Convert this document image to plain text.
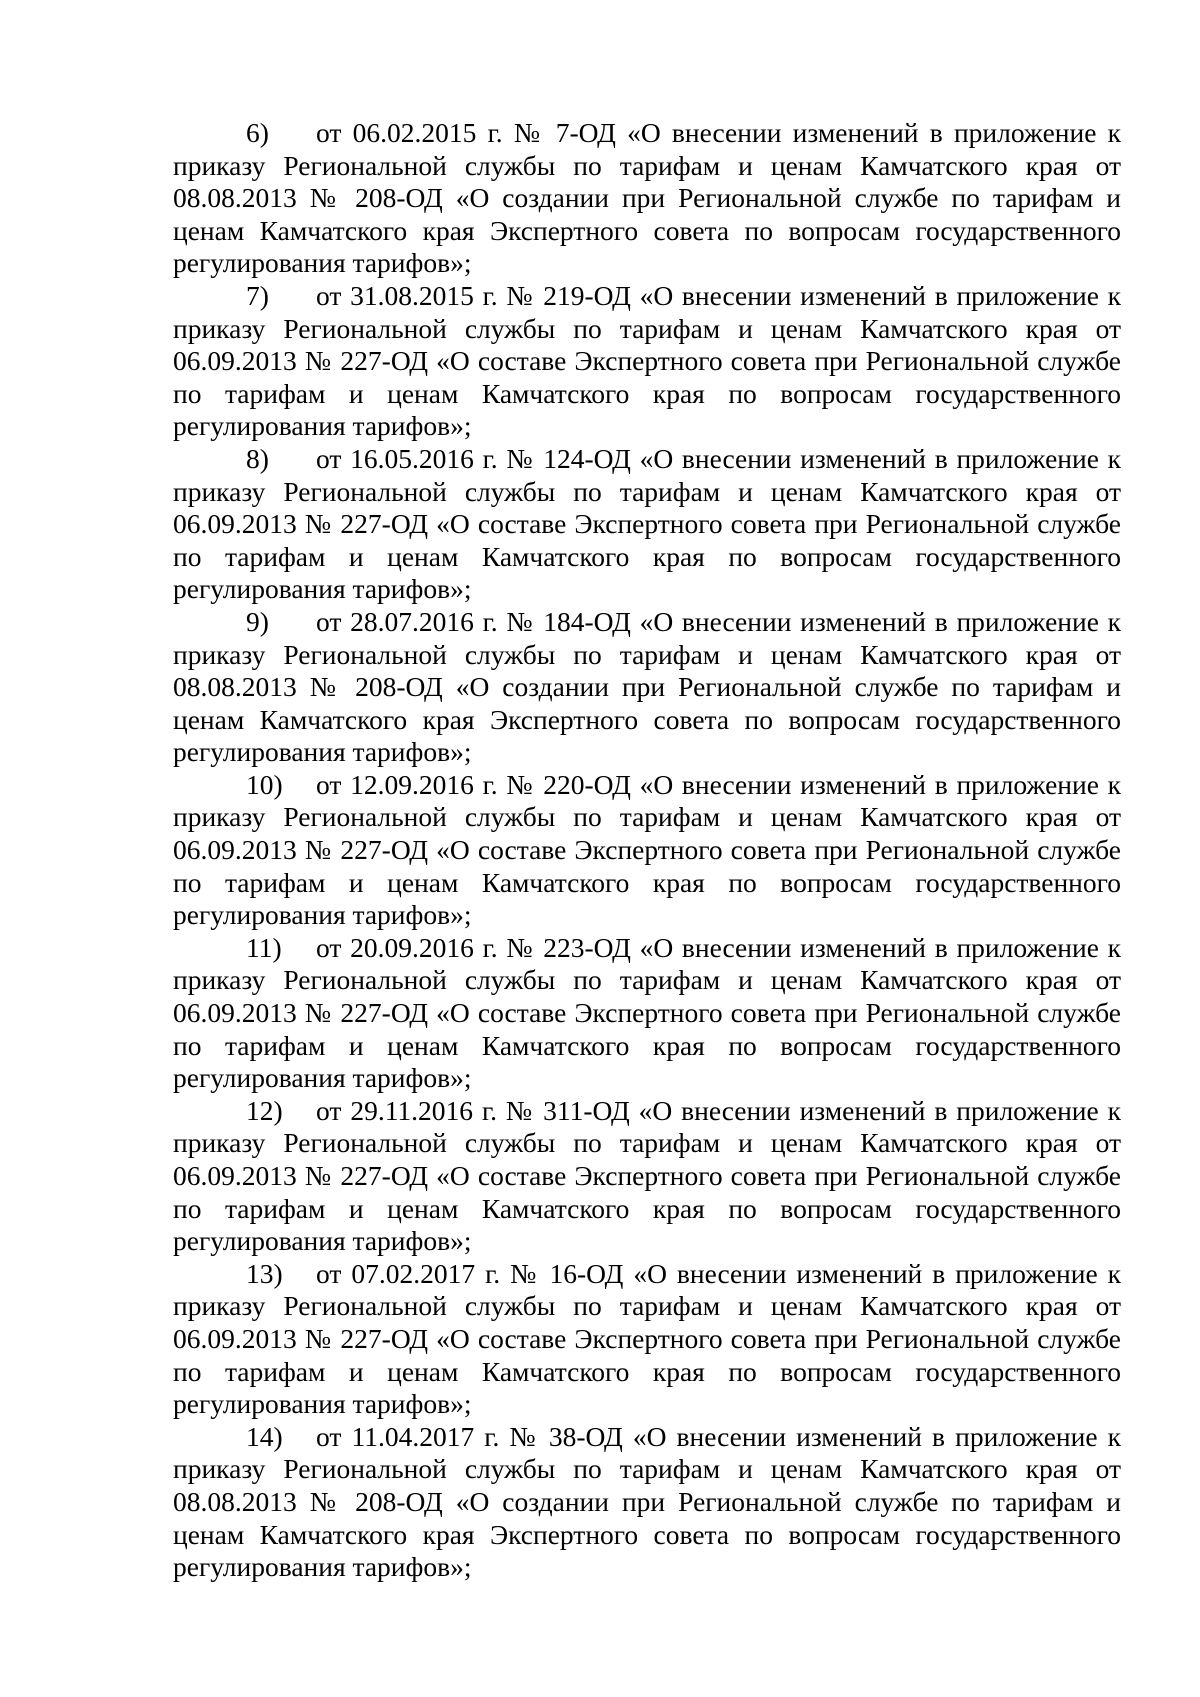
6) от 06.02.2015 г. № 7-ОД «О внесении изменений в приложение к приказу Региональной службы по тарифам и ценам Камчатского края от 08.08.2013 № 208-ОД «О создании при Региональной службе по тарифам и ценам Камчатского края Экспертного совета по вопросам государственного регулирования тарифов»;

7) от 31.08.2015 г. № 219-ОД «О внесении изменений в приложение к приказу Региональной службы по тарифам и ценам Камчатского края от 06.09.2013 № 227-ОД «О составе Экспертного совета при Региональной службе по тарифам и ценам Камчатского края по вопросам государственного регулирования тарифов»;

8) от 16.05.2016 г. № 124-ОД «О внесении изменений в приложение к приказу Региональной службы по тарифам и ценам Камчатского края от 06.09.2013 № 227-ОД «О составе Экспертного совета при Региональной службе по тарифам и ценам Камчатского края по вопросам государственного регулирования тарифов»;

9) от 28.07.2016 г. № 184-ОД «О внесении изменений в приложение к приказу Региональной службы по тарифам и ценам Камчатского края от 08.08.2013 № 208-ОД «О создании при Региональной службе по тарифам и ценам Камчатского края Экспертного совета по вопросам государственного регулирования тарифов»;

10) от 12.09.2016 г. № 220-ОД «О внесении изменений в приложение к приказу Региональной службы по тарифам и ценам Камчатского края от 06.09.2013 № 227-ОД «О составе Экспертного совета при Региональной службе по тарифам и ценам Камчатского края по вопросам государственного регулирования тарифов»;

11) от 20.09.2016 г. № 223-ОД «О внесении изменений в приложение к приказу Региональной службы по тарифам и ценам Камчатского края от 06.09.2013 № 227-ОД «О составе Экспертного совета при Региональной службе по тарифам и ценам Камчатского края по вопросам государственного регулирования тарифов»;

12) от 29.11.2016 г. № 311-ОД «О внесении изменений в приложение к приказу Региональной службы по тарифам и ценам Камчатского края от 06.09.2013 № 227-ОД «О составе Экспертного совета при Региональной службе по тарифам и ценам Камчатского края по вопросам государственного регулирования тарифов»;

13) от 07.02.2017 г. № 16-ОД «О внесении изменений в приложение к приказу Региональной службы по тарифам и ценам Камчатского края от 06.09.2013 № 227-ОД «О составе Экспертного совета при Региональной службе по тарифам и ценам Камчатского края по вопросам государственного регулирования тарифов»;

14) от 11.04.2017 г. № 38-ОД «О внесении изменений в приложение к приказу Региональной службы по тарифам и ценам Камчатского края от 08.08.2013 № 208-ОД «О создании при Региональной службе по тарифам и ценам Камчатского края Экспертного совета по вопросам государственного регулирования тарифов»;
